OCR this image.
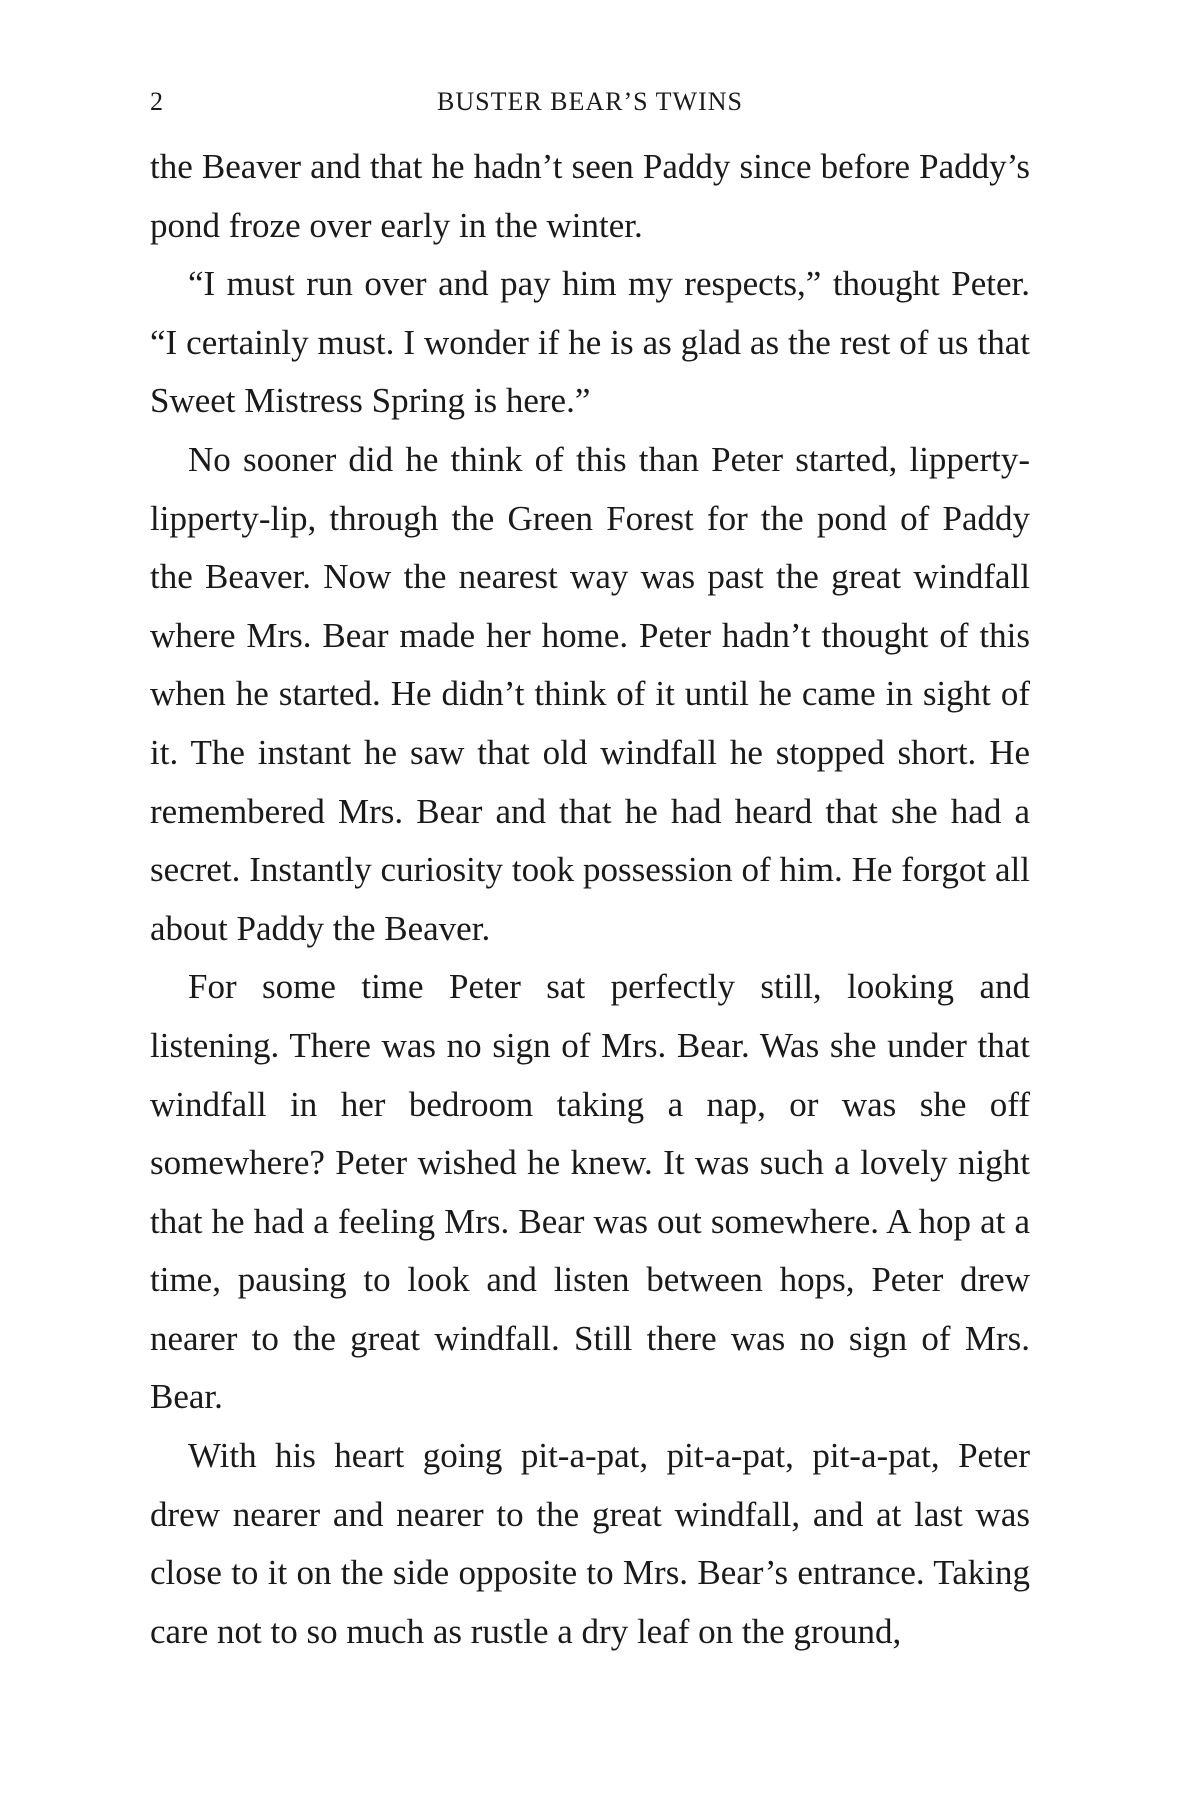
2	BUSTER BEAR’S TWINS

the Beaver and that he hadn’t seen Paddy since before Paddy’s pond froze over early in the winter.

“I must run over and pay him my respects,” thought Peter. “I certainly must. I wonder if he is as glad as the rest of us that Sweet Mistress Spring is here.”

No sooner did he think of this than Peter started, lipperty-lipperty-lip, through the Green Forest for the pond of Paddy the Beaver. Now the nearest way was past the great windfall where Mrs. Bear made her home. Peter hadn’t thought of this when he started. He didn’t think of it until he came in sight of it. The instant he saw that old windfall he stopped short. He remembered Mrs. Bear and that he had heard that she had a secret. Instantly curiosity took possession of him. He forgot all about Paddy the Beaver.

For some time Peter sat perfectly still, looking and listening. There was no sign of Mrs. Bear. Was she under that windfall in her bedroom taking a nap, or was she off somewhere? Peter wished he knew. It was such a lovely night that he had a feeling Mrs. Bear was out somewhere. A hop at a time, pausing to look and listen between hops, Peter drew nearer to the great windfall. Still there was no sign of Mrs. Bear.

With his heart going pit-a-pat, pit-a-pat, pit-a-pat, Peter drew nearer and nearer to the great windfall, and at last was close to it on the side opposite to Mrs. Bear’s entrance. Taking care not to so much as rustle a dry leaf on the ground,
